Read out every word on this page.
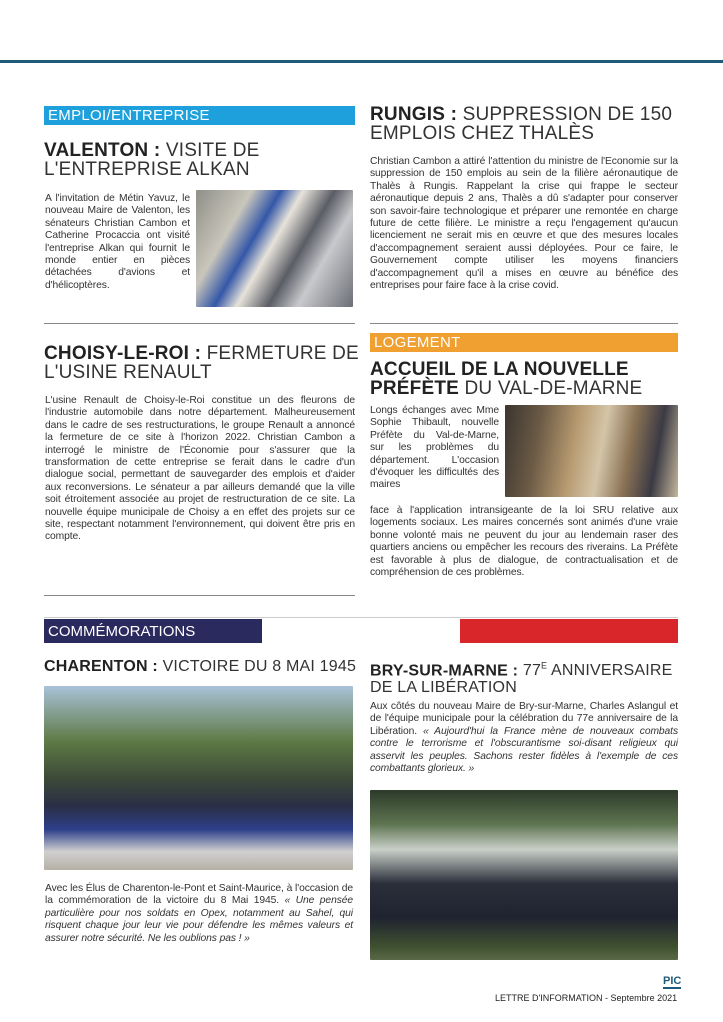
EMPLOI/ENTREPRISE
VALENTON : VISITE DE L'ENTREPRISE ALKAN
A l'invitation de Métin Yavuz, le nouveau Maire de Valenton, les sénateurs Christian Cambon et Catherine Procaccia ont visité l'entreprise Alkan qui fournit le monde entier en pièces détachées d'avions et d'hélicoptères.
CHOISY-LE-ROI : FERMETURE DE L'USINE RENAULT
L'usine Renault de Choisy-le-Roi constitue un des fleurons de l'industrie automobile dans notre département. Malheureusement dans le cadre de ses restructurations, le groupe Renault a annoncé la fermeture de ce site à l'horizon 2022. Christian Cambon a interrogé le ministre de l'Économie pour s'assurer que la transformation de cette entreprise se ferait dans le cadre d'un dialogue social, permettant de sauvegarder des emplois et d'aider aux reconversions. Le sénateur a par ailleurs demandé que la ville soit étroitement associée au projet de restructuration de ce site. La nouvelle équipe municipale de Choisy a en effet des projets sur ce site, respectant notamment l'environnement, qui doivent être pris en compte.
RUNGIS : SUPPRESSION DE 150 EMPLOIS CHEZ THALÈS
Christian Cambon a attiré l'attention du ministre de l'Economie sur la suppression de 150 emplois au sein de la filière aéronautique de Thalès à Rungis. Rappelant la crise qui frappe le secteur aéronautique depuis 2 ans, Thalès a dû s'adapter pour conserver son savoir-faire technologique et préparer une remontée en charge future de cette filière. Le ministre a reçu l'engagement qu'aucun licenciement ne serait mis en œuvre et que des mesures locales d'accompagnement seraient aussi déployées. Pour ce faire, le Gouvernement compte utiliser les moyens financiers d'accompagnement qu'il a mises en œuvre au bénéfice des entreprises pour faire face à la crise covid.
LOGEMENT
ACCUEIL DE LA NOUVELLE PRÉFÈTE DU VAL-DE-MARNE
Longs échanges avec Mme Sophie Thibault, nouvelle Préfète du Val-de-Marne, sur les problèmes du département. L'occasion d'évoquer les difficultés des maires
face à l'application intransigeante de la loi SRU relative aux logements sociaux. Les maires concernés sont animés d'une vraie bonne volonté mais ne peuvent du jour au lendemain raser des quartiers anciens ou empêcher les recours des riverains. La Préfète est favorable à plus de dialogue, de contractualisation et de compréhension de ces problèmes.
COMMÉMORATIONS
CHARENTON : VICTOIRE DU 8 MAI 1945
Avec les Élus de Charenton-le-Pont et Saint-Maurice, à l'occasion de la commémoration de la victoire du 8 Mai 1945. « Une pensée particulière pour nos soldats en Opex, notamment au Sahel, qui risquent chaque jour leur vie pour défendre les mêmes valeurs et assurer notre sécurité. Ne les oublions pas ! »
BRY-SUR-MARNE : $77^E$ ANNIVERSAIRE DE LA LIBÉRATION
Aux côtés du nouveau Maire de Bry-sur-Marne, Charles Aslangul et de l'équipe municipale pour la célébration du 77e anniversaire de la Libération. « Aujourd'hui la France mène de nouveaux combats contre le terrorisme et l'obscurantisme soi-disant religieux qui asservit les peuples. Sachons rester fidèles à l'exemple de ces combattants glorieux. »
PIC
LETTRE D'INFORMATION - Septembre 2021
